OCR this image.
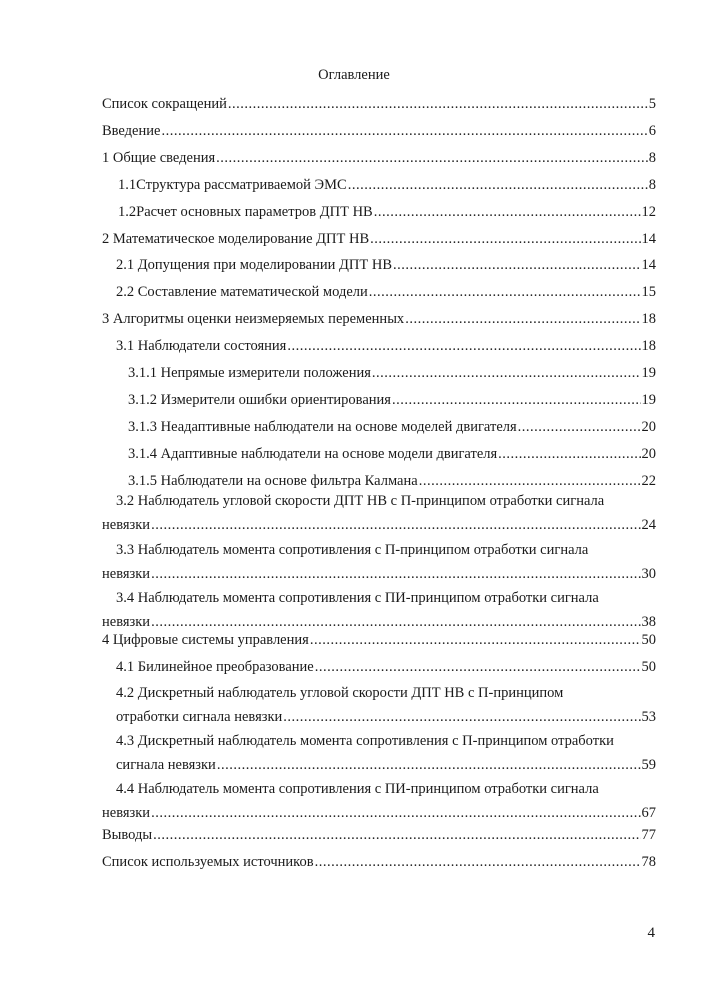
Оглавление
Список сокращений .....	5
Введение .....	6
1 Общие сведения .....	8
1.1 Структура рассматриваемой ЭМС .....	8
1.2 Расчет основных параметров ДПТ НВ .....	12
2 Математическое моделирование ДПТ НВ .....	14
2.1 Допущения при моделировании ДПТ НВ .....	14
2.2 Составление математической модели .....	15
3 Алгоритмы оценки неизмеряемых переменных .....	18
3.1 Наблюдатели состояния .....	18
3.1.1 Непрямые измерители положения .....	19
3.1.2 Измерители ошибки ориентирования .....	19
3.1.3 Неадаптивные наблюдатели на основе моделей двигателя .....	20
3.1.4 Адаптивные наблюдатели на основе модели двигателя .....	20
3.1.5 Наблюдатели на основе фильтра Калмана .....	22
3.2 Наблюдатель угловой скорости ДПТ НВ с П-принципом отработки сигнала
невязки .....	24
3.3 Наблюдатель момента сопротивления с П-принципом отработки сигнала
невязки .....	30
3.4 Наблюдатель момента сопротивления с ПИ-принципом отработки сигнала
невязки .....	38
4 Цифровые системы управления .....	50
4.1 Билинейное преобразование .....	50
4.2 Дискретный наблюдатель угловой скорости ДПТ НВ с П-принципом
отработки сигнала невязки .....	53
4.3 Дискретный наблюдатель момента сопротивления с П-принципом отработки
сигнала невязки .....	59
4.4 Наблюдатель момента сопротивления с ПИ-принципом отработки сигнала
невязки .....	67
Выводы .....	77
Список используемых источников .....	78
4
